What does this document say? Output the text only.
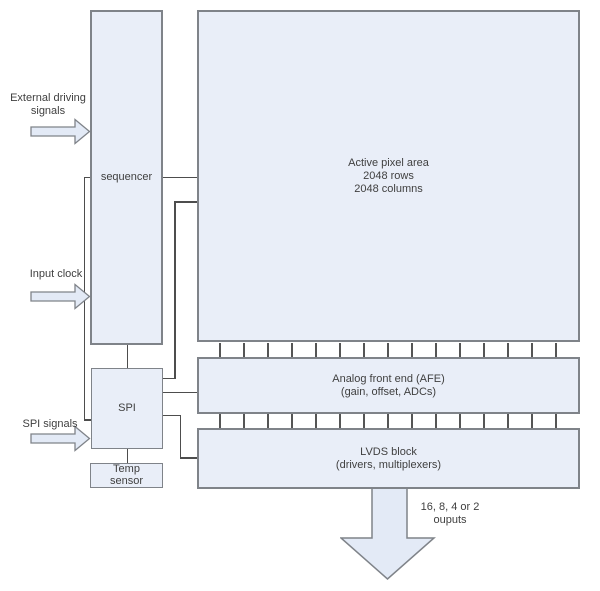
sequencer
Active pixel area
2048 rows
2048 columns
Analog front end (AFE)
(gain, offset, ADCs)
LVDS block
(drivers, multiplexers)
SPI
Temp
sensor
External driving
signals
Input clock
SPI signals
16, 8, 4 or 2
ouputs
